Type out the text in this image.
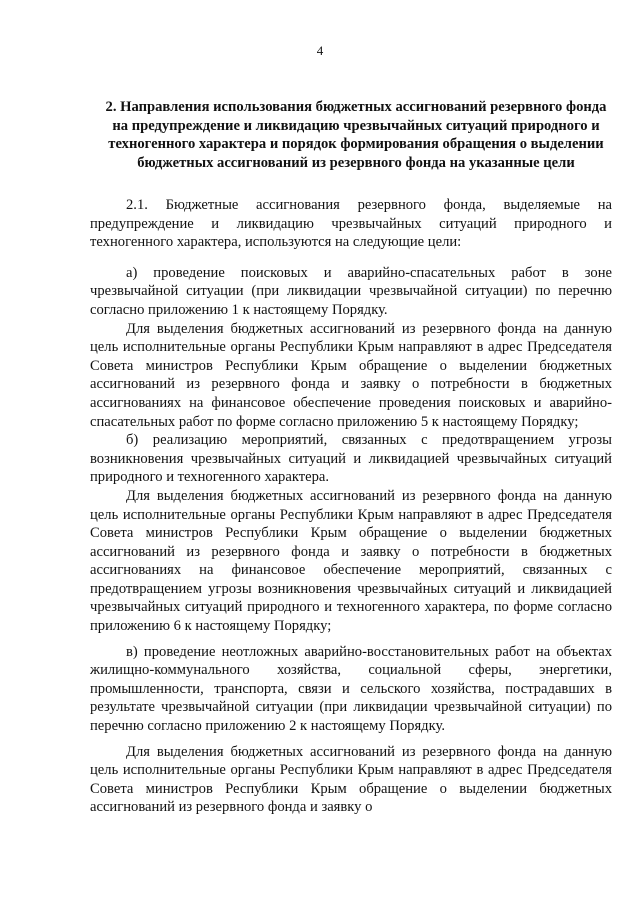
4
2. Направления использования бюджетных ассигнований резервного фонда на предупреждение и ликвидацию чрезвычайных ситуаций природного и техногенного характера и порядок формирования обращения о выделении бюджетных ассигнований из резервного фонда на указанные цели

2.1. Бюджетные ассигнования резервного фонда, выделяемые на предупреждение и ликвидацию чрезвычайных ситуаций природного и техногенного характера, используются на следующие цели:

а) проведение поисковых и аварийно-спасательных работ в зоне чрезвычайной ситуации (при ликвидации чрезвычайной ситуации) по перечню согласно приложению 1 к настоящему Порядку.

Для выделения бюджетных ассигнований из резервного фонда на данную цель исполнительные органы Республики Крым направляют в адрес Председателя Совета министров Республики Крым обращение о выделении бюджетных ассигнований из резервного фонда и заявку о потребности в бюджетных ассигнованиях на финансовое обеспечение проведения поисковых и аварийно-спасательных работ по форме согласно приложению 5 к настоящему Порядку;

б) реализацию мероприятий, связанных с предотвращением угрозы возникновения чрезвычайных ситуаций и ликвидацией чрезвычайных ситуаций природного и техногенного характера.

Для выделения бюджетных ассигнований из резервного фонда на данную цель исполнительные органы Республики Крым направляют в адрес Председателя Совета министров Республики Крым обращение о выделении бюджетных ассигнований из резервного фонда и заявку о потребности в бюджетных ассигнованиях на финансовое обеспечение мероприятий, связанных с предотвращением угрозы возникновения чрезвычайных ситуаций и ликвидацией чрезвычайных ситуаций природного и техногенного характера, по форме согласно приложению 6 к настоящему Порядку;

в) проведение неотложных аварийно-восстановительных работ на объектах жилищно-коммунального хозяйства, социальной сферы, энергетики, промышленности, транспорта, связи и сельского хозяйства, пострадавших в результате чрезвычайной ситуации (при ликвидации чрезвычайной ситуации) по перечню согласно приложению 2 к настоящему Порядку.

Для выделения бюджетных ассигнований из резервного фонда на данную цель исполнительные органы Республики Крым направляют в адрес Председателя Совета министров Республики Крым обращение о выделении бюджетных ассигнований из резервного фонда и заявку о
